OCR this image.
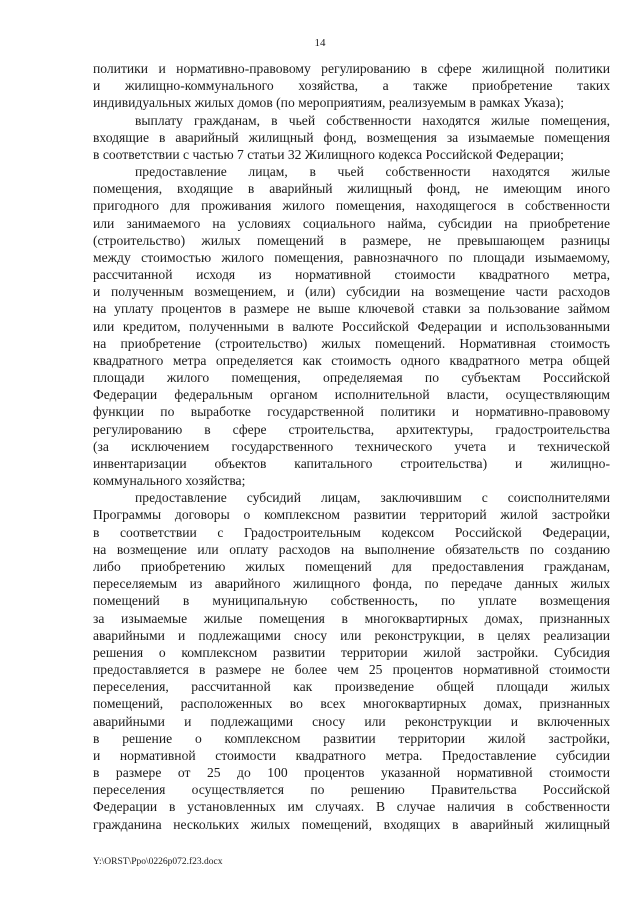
14
политики и нормативно-правовому регулированию в сфере жилищной политики
и жилищно-коммунального хозяйства, а также приобретение таких
индивидуальных жилых домов (по мероприятиям, реализуемым в рамках Указа);
выплату гражданам, в чьей собственности находятся жилые помещения,
входящие в аварийный жилищный фонд, возмещения за изымаемые помещения
в соответствии с частью 7 статьи 32 Жилищного кодекса Российской Федерации;
предоставление лицам, в чьей собственности находятся жилые
помещения, входящие в аварийный жилищный фонд, не имеющим иного
пригодного для проживания жилого помещения, находящегося в собственности
или занимаемого на условиях социального найма, субсидии на приобретение
(строительство) жилых помещений в размере, не превышающем разницы
между стоимостью жилого помещения, равнозначного по площади изымаемому,
рассчитанной исходя из нормативной стоимости квадратного метра,
и полученным возмещением, и (или) субсидии на возмещение части расходов
на уплату процентов в размере не выше ключевой ставки за пользование займом
или кредитом, полученными в валюте Российской Федерации и использованными
на приобретение (строительство) жилых помещений. Нормативная стоимость
квадратного метра определяется как стоимость одного квадратного метра общей
площади жилого помещения, определяемая по субъектам Российской
Федерации федеральным органом исполнительной власти, осуществляющим
функции по выработке государственной политики и нормативно-правовому
регулированию в сфере строительства, архитектуры, градостроительства
(за исключением государственного технического учета и технической
инвентаризации объектов капитального строительства) и жилищно-
коммунального хозяйства;
предоставление субсидий лицам, заключившим с соисполнителями
Программы договоры о комплексном развитии территорий жилой застройки
в соответствии с Градостроительным кодексом Российской Федерации,
на возмещение или оплату расходов на выполнение обязательств по созданию
либо приобретению жилых помещений для предоставления гражданам,
переселяемым из аварийного жилищного фонда, по передаче данных жилых
помещений в муниципальную собственность, по уплате возмещения
за изымаемые жилые помещения в многоквартирных домах, признанных
аварийными и подлежащими сносу или реконструкции, в целях реализации
решения о комплексном развитии территории жилой застройки. Субсидия
предоставляется в размере не более чем 25 процентов нормативной стоимости
переселения, рассчитанной как произведение общей площади жилых
помещений, расположенных во всех многоквартирных домах, признанных
аварийными и подлежащими сносу или реконструкции и включенных
в решение о комплексном развитии территории жилой застройки,
и нормативной стоимости квадратного метра. Предоставление субсидии
в размере от 25 до 100 процентов указанной нормативной стоимости
переселения осуществляется по решению Правительства Российской
Федерации в установленных им случаях. В случае наличия в собственности
гражданина нескольких жилых помещений, входящих в аварийный жилищный
Y:\ORST\Ppo\0226p072.f23.docx
